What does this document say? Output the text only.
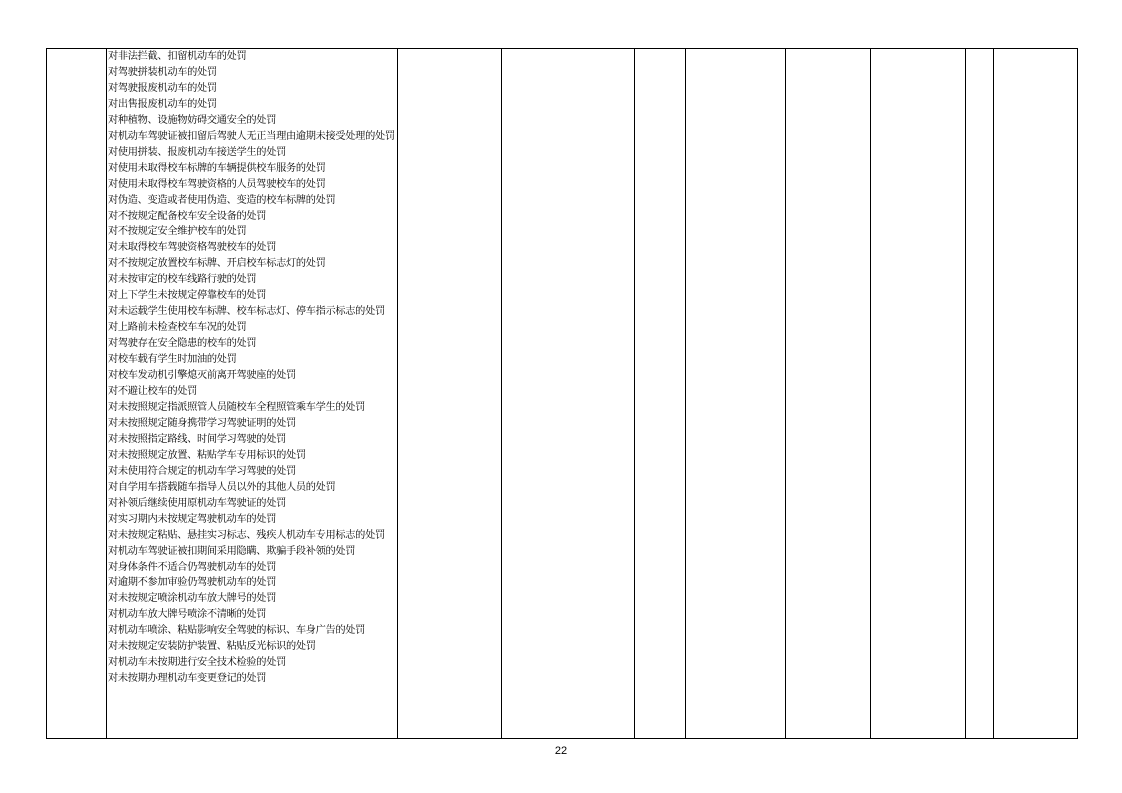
对非法拦截、扣留机动车的处罚
对驾驶拼装机动车的处罚
对驾驶报废机动车的处罚
对出售报废机动车的处罚
对种植物、设施物妨碍交通安全的处罚
对机动车驾驶证被扣留后驾驶人无正当理由逾期未接受处理的处罚
对使用拼装、报废机动车接送学生的处罚
对使用未取得校车标牌的车辆提供校车服务的处罚
对使用未取得校车驾驶资格的人员驾驶校车的处罚
对伪造、变造或者使用伪造、变造的校车标牌的处罚
对不按规定配备校车安全设备的处罚
对不按规定安全维护校车的处罚
对未取得校车驾驶资格驾驶校车的处罚
对不按规定放置校车标牌、开启校车标志灯的处罚
对未按审定的校车线路行驶的处罚
对上下学生未按规定停靠校车的处罚
对未运载学生使用校车标牌、校车标志灯、停车指示标志的处罚
对上路前未检查校车车况的处罚
对驾驶存在安全隐患的校车的处罚
对校车载有学生时加油的处罚
对校车发动机引擎熄灭前离开驾驶座的处罚
对不避让校车的处罚
对未按照规定指派照管人员随校车全程照管乘车学生的处罚
对未按照规定随身携带学习驾驶证明的处罚
对未按照指定路线、时间学习驾驶的处罚
对未按照规定放置、粘贴学车专用标识的处罚
对未使用符合规定的机动车学习驾驶的处罚
对自学用车搭载随车指导人员以外的其他人员的处罚
对补领后继续使用原机动车驾驶证的处罚
对实习期内未按规定驾驶机动车的处罚
对未按规定粘贴、悬挂实习标志、残疾人机动车专用标志的处罚
对机动车驾驶证被扣期间采用隐瞒、欺骗手段补领的处罚
对身体条件不适合仍驾驶机动车的处罚
对逾期不参加审验仍驾驶机动车的处罚
对未按规定喷涂机动车放大牌号的处罚
对机动车放大牌号喷涂不清晰的处罚
对机动车喷涂、粘贴影响安全驾驶的标识、车身广告的处罚
对未按规定安装防护装置、粘贴反光标识的处罚
对机动车未按期进行安全技术检验的处罚
对未按期办理机动车变更登记的处罚

22
